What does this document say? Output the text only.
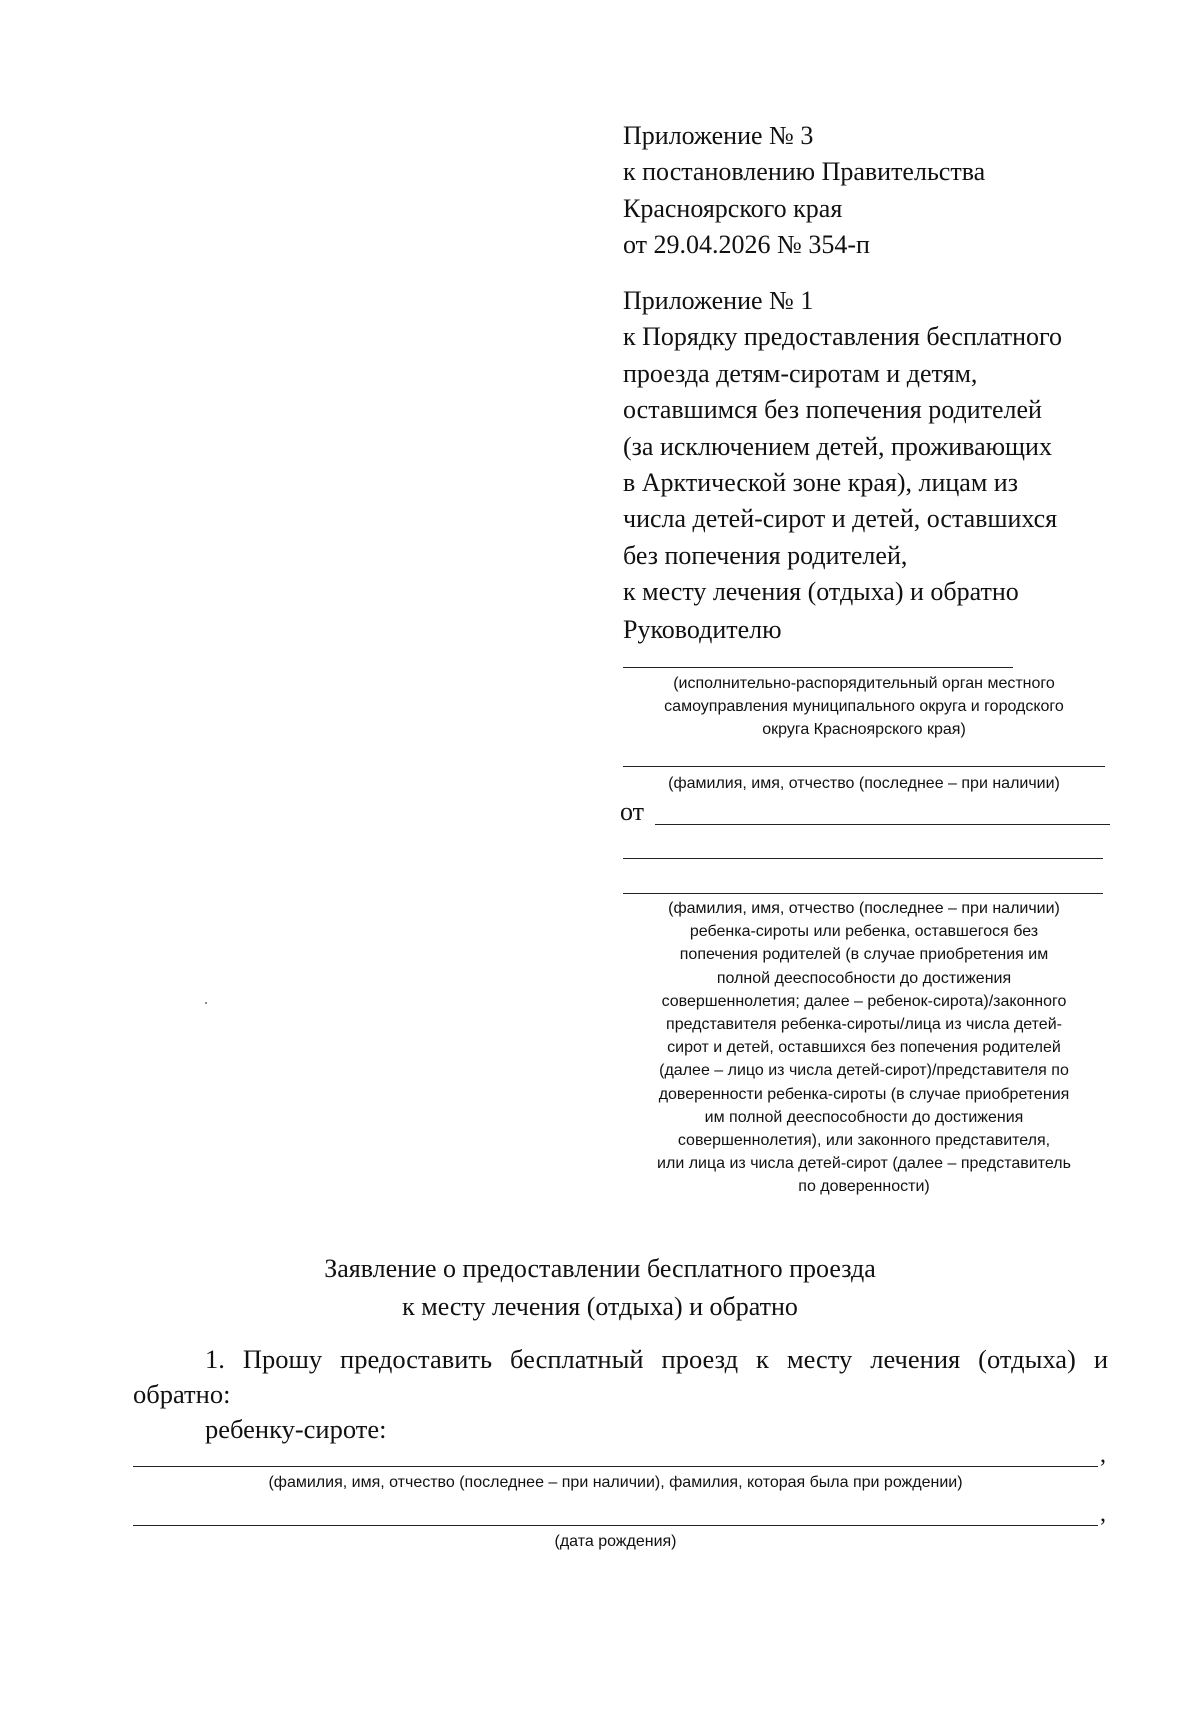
Приложение № 3
к постановлению Правительства
Красноярского края
от 29.04.2026 № 354-п
Приложение № 1
к Порядку предоставления бесплатного
проезда детям-сиротам и детям,
оставшимся без попечения родителей
(за исключением детей, проживающих
в Арктической зоне края), лицам из
числа детей-сирот и детей, оставшихся
без попечения родителей,
к месту лечения (отдыха) и обратно
Руководителю
(исполнительно-распорядительный орган местного
самоуправления муниципального округа и городского
округа Красноярского края)
(фамилия, имя, отчество (последнее – при наличии)
от
(фамилия, имя, отчество (последнее – при наличии)
ребенка-сироты или ребенка, оставшегося без
попечения родителей (в случае приобретения им
полной дееспособности до достижения
совершеннолетия; далее – ребенок-сирота)/законного
представителя ребенка-сироты/лица из числа детей-
сирот и детей, оставшихся без попечения родителей
(далее – лицо из числа детей-сирот)/представителя по
доверенности ребенка-сироты (в случае приобретения
им полной дееспособности до достижения
совершеннолетия), или законного представителя,
или лица из числа детей-сирот (далее – представитель
по доверенности)
Заявление о предоставлении бесплатного проезда
к месту лечения (отдыха) и обратно
1. Прошу предоставить бесплатный проезд к месту лечения (отдыха) и обратно:
ребенку-сироте:
,
(фамилия, имя, отчество (последнее – при наличии), фамилия, которая была при рождении)
,
(дата рождения)
